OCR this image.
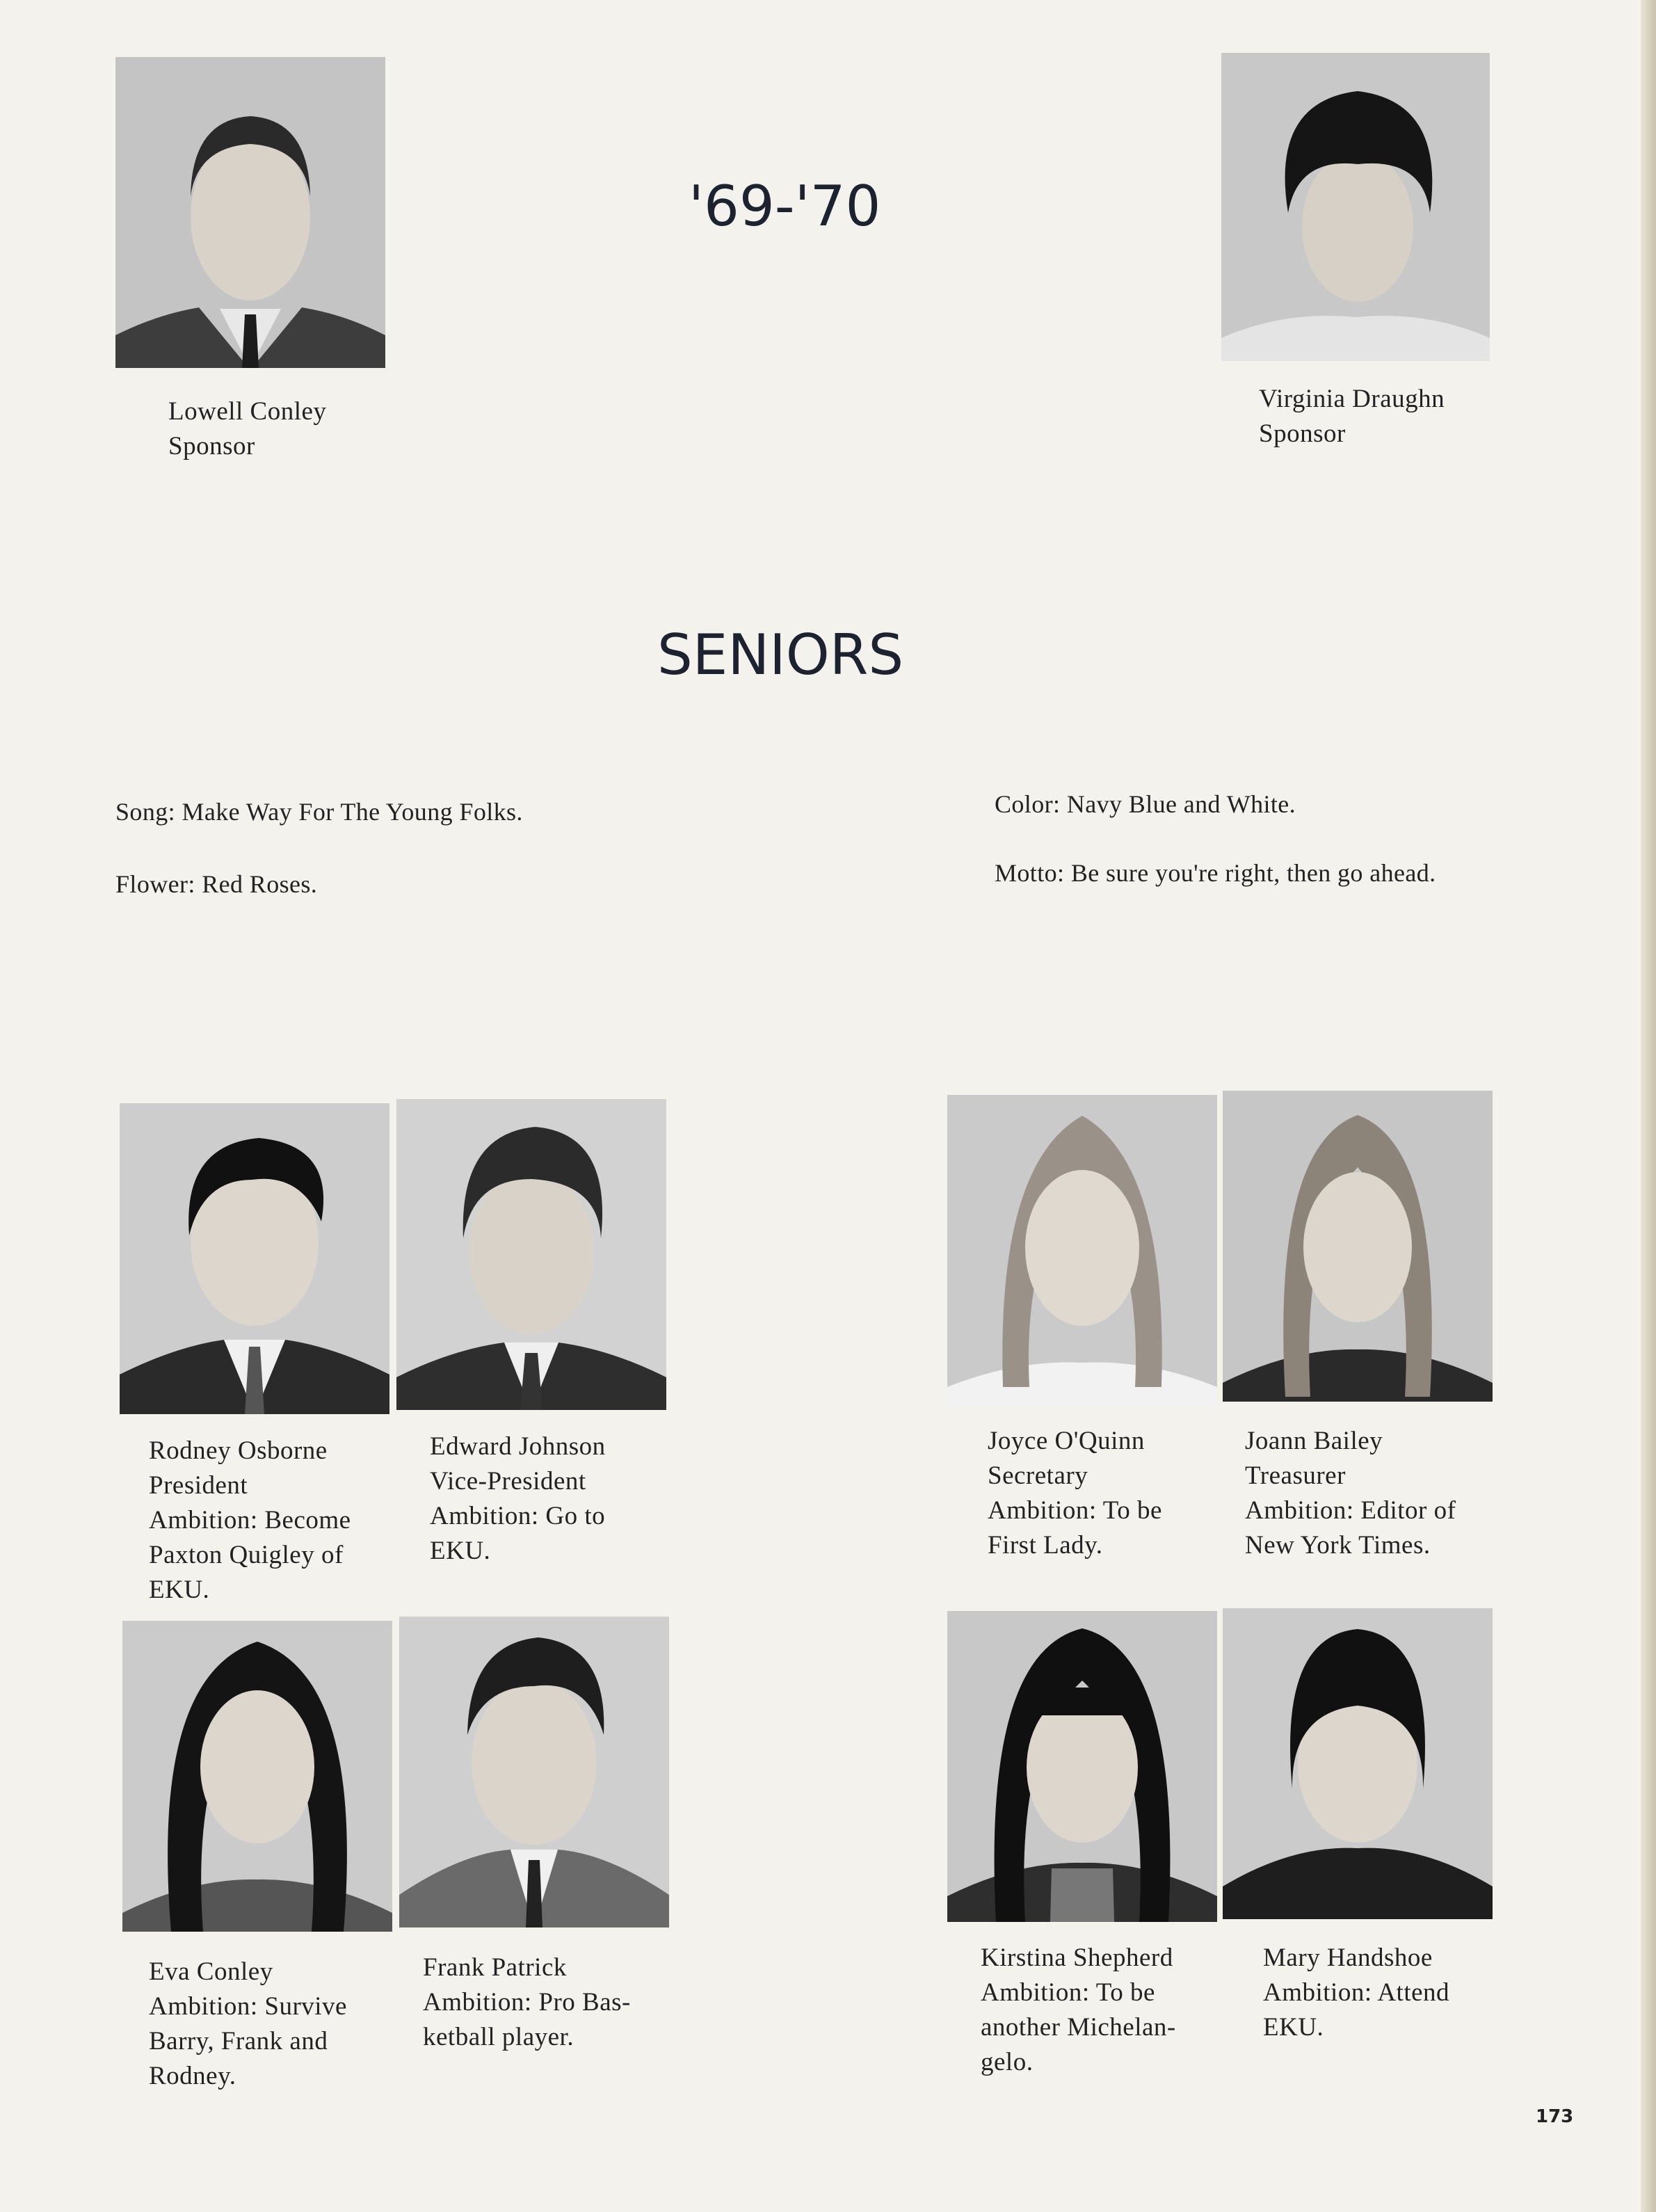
Lowell Conley
Sponsor
Virginia Draughn
Sponsor
'69-'70
SENIORS
Song: Make Way For The Young Folks.
Flower: Red Roses.
Color: Navy Blue and White.
Motto: Be sure you're right, then go ahead.
Rodney Osborne
President
Ambition: Become
Paxton Quigley of
EKU.
Edward Johnson
Vice-President
Ambition: Go to
EKU.
Joyce O'Quinn
Secretary
Ambition: To be
First Lady.
Joann Bailey
Treasurer
Ambition: Editor of
New York Times.
Eva Conley
Ambition: Survive
Barry, Frank and
Rodney.
Frank Patrick
Ambition: Pro Bas-
ketball player.
Kirstina Shepherd
Ambition: To be
another Michelan-
gelo.
Mary Handshoe
Ambition: Attend
EKU.
173
